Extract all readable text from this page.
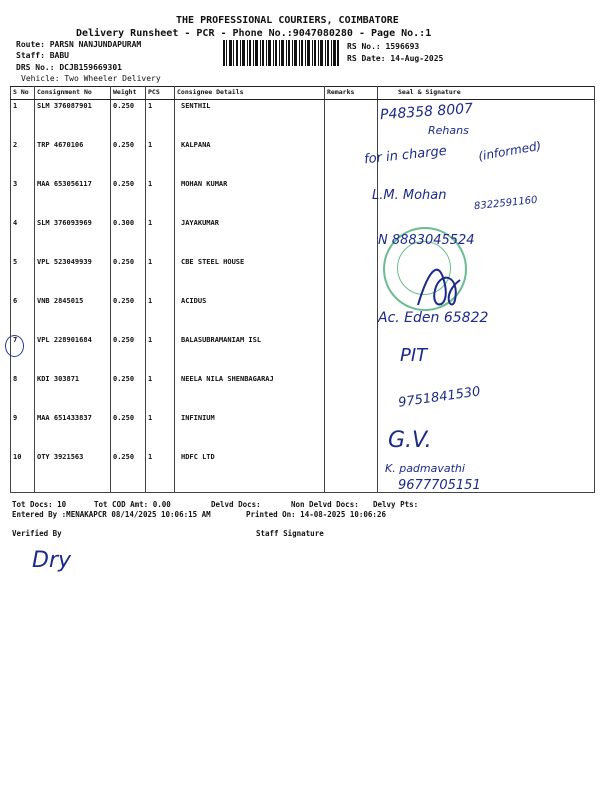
THE PROFESSIONAL COURIERS, COIMBATORE
Delivery Runsheet - PCR - Phone No.:9047080280 - Page No.:1
Route: PARSN NANJUNDAPURAM
Staff: BABU
DRS No.: DCJB159669301
Vehicle: Two Wheeler Delivery
RS No.: 1596693
RS Date: 14-Aug-2025
S No	Consignment No	Weight	PCS	Consignee Details	Remarks	Seal & Signature
1	SLM 376087901	0.250	1	SENTHIL		
2	TRP 4670106	0.250	1	KALPANA		
3	MAA 653056117	0.250	1	MOHAN KUMAR		
4	SLM 376093969	0.300	1	JAYAKUMAR		
5	VPL 523049939	0.250	1	CBE STEEL HOUSE		
6	VNB 2845015	0.250	1	ACIDUS		
7	VPL 228901684	0.250	1	BALASUBRAMANIAM ISL		
8	KDI 303871	0.250	1	NEELA NILA SHENBAGARAJ		
9	MAA 651433837	0.250	1	INFINIUM		
10	OTY 3921563	0.250	1	HDFC LTD		
P48358 8007
Rehans
for in charge (informed)
L.M. Mohan	8322591160
N 8883045524
Ac. Eden 65822
PIT
9751841530
G.V.
K. padmavathi
9677705151
Tot Docs: 10	Tot COD Amt: 0.00	Delvd Docs:	Non Delvd Docs: Delvy Pts:
Entered By :MENAKAPCR 08/14/2025 10:06:15 AM	Printed On: 14-08-2025 10:06:26
Verified By	Staff Signature
Dry
